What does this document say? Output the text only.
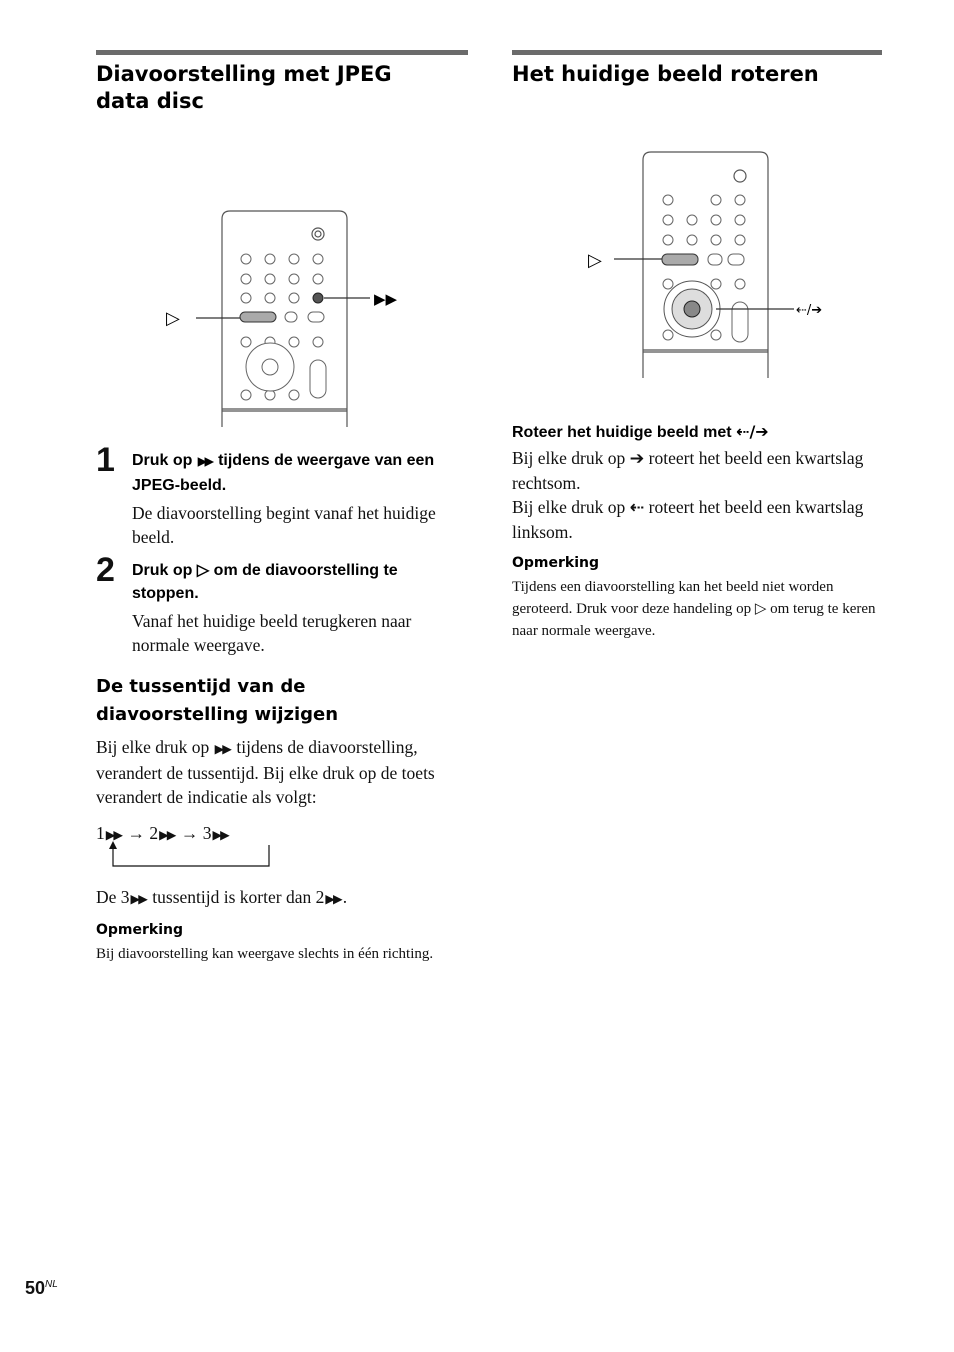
Diavoorstelling met JPEG
data disc
▶▶
▷
1 Druk op ▶▶ tijdens de weergave van een JPEG-beeld.
De diavoorstelling begint vanaf het huidige beeld.
2 Druk op ▷ om de diavoorstelling te stoppen.
Vanaf het huidige beeld terugkeren naar normale weergave.
De tussentijd van de
diavoorstelling wijzigen
Bij elke druk op ▶▶ tijdens de diavoorstelling, verandert de tussentijd. Bij elke druk op de toets verandert de indicatie als volgt:
1 ▶▶ → 2 ▶▶ → 3 ▶▶
De 3 ▶▶ tussentijd is korter dan 2 ▶▶ .
Opmerking
Bij diavoorstelling kan weergave slechts in één richting.
Het huidige beeld roteren
▷
⇠/➔
Roteer het huidige beeld met ⇠/➔
Bij elke druk op ➔ roteert het beeld een kwartslag rechtsom.
Bij elke druk op ⇠ roteert het beeld een kwartslag linksom.
Opmerking
Tijdens een diavoorstelling kan het beeld niet worden geroteerd. Druk voor deze handeling op ▷ om terug te keren naar normale weergave.
$50^{NL}$
